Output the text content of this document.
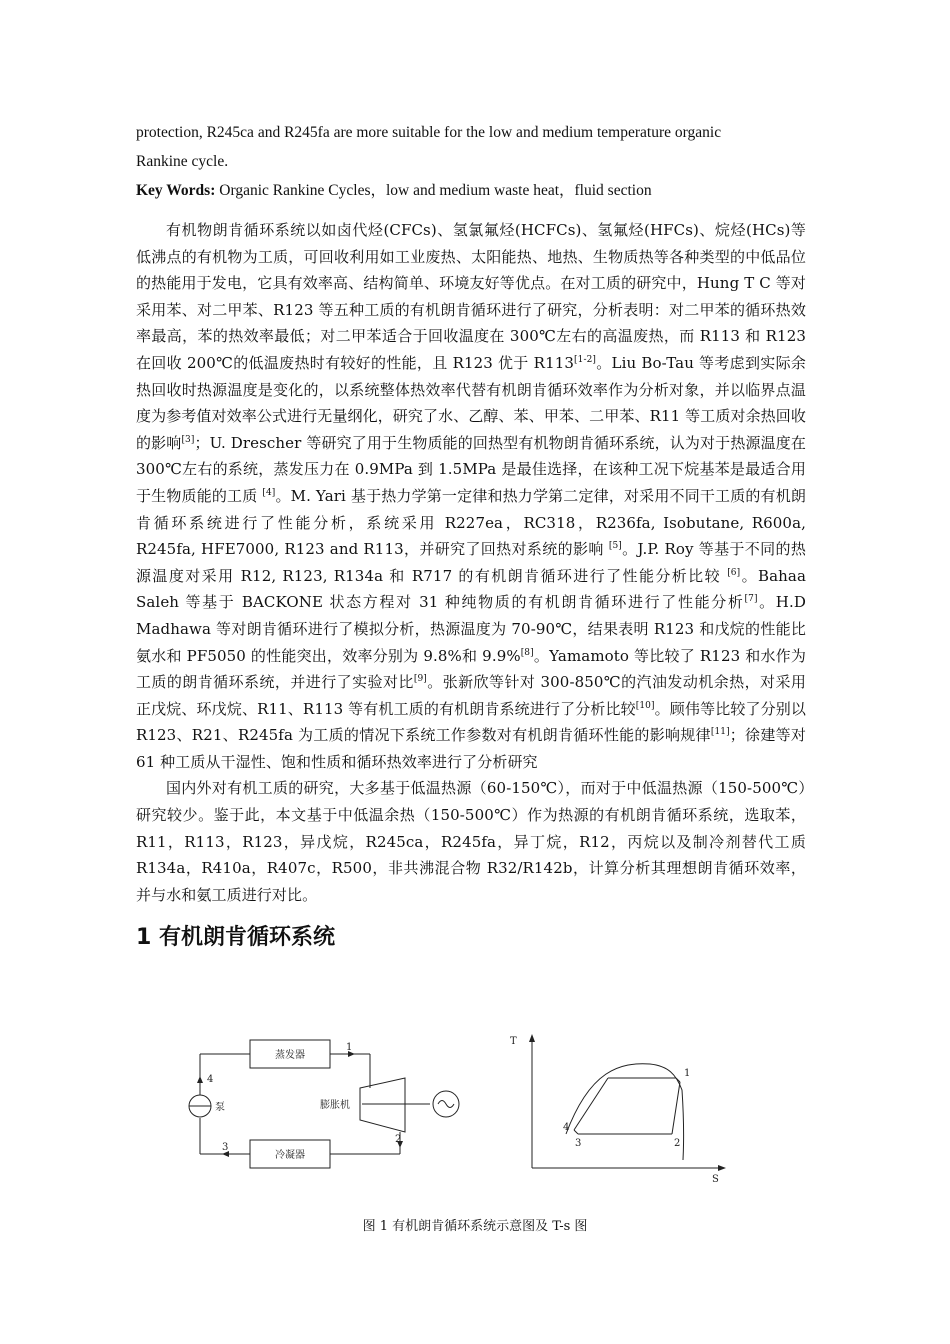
protection, R245ca and R245fa are more suitable for the low and medium temperature organic

Rankine cycle.

Key Words: Organic Rankine Cycles，low and medium waste heat，fluid section

有机物朗肯循环系统以如卤代烃(CFCs)、氢氯氟烃(HCFCs)、氢氟烃(HFCs)、烷烃(HCs)等低沸点的有机物为工质，可回收利用如工业废热、太阳能热、地热、生物质热等各种类型的中低品位的热能用于发电，它具有效率高、结构简单、环境友好等优点。在对工质的研究中，Hung T C 等对采用苯、对二甲苯、R123 等五种工质的有机朗肯循环进行了研究，分析表明：对二甲苯的循环热效率最高，苯的热效率最低；对二甲苯适合于回收温度在 300℃左右的高温废热，而 R113 和 R123 在回收 200℃的低温废热时有较好的性能，且 R123 优于 R113[1-2]。Liu Bo-Tau 等考虑到实际余热回收时热源温度是变化的，以系统整体热效率代替有机朗肯循环效率作为分析对象，并以临界点温度为参考值对效率公式进行无量纲化，研究了水、乙醇、苯、甲苯、二甲苯、R11 等工质对余热回收的影响[3]；U. Drescher 等研究了用于生物质能的回热型有机物朗肯循环系统，认为对于热源温度在 300℃左右的系统，蒸发压力在 0.9MPa 到 1.5MPa 是最佳选择，在该种工况下烷基苯是最适合用于生物质能的工质 [4]。M. Yari 基于热力学第一定律和热力学第二定律，对采用不同干工质的有机朗肯循环系统进行了性能分析，系统采用 R227ea，RC318，R236fa, Isobutane, R600a, R245fa, HFE7000, R123 and R113，并研究了回热对系统的影响 [5]。J.P. Roy 等基于不同的热源温度对采用 R12, R123, R134a 和 R717 的有机朗肯循环进行了性能分析比较 [6]。Bahaa Saleh 等基于 BACKONE 状态方程对 31 种纯物质的有机朗肯循环进行了性能分析[7]。H.D Madhawa 等对朗肯循环进行了模拟分析，热源温度为 70-90℃，结果表明 R123 和戊烷的性能比氨水和 PF5050 的性能突出，效率分别为 9.8%和 9.9%[8]。Yamamoto 等比较了 R123 和水作为工质的朗肯循环系统，并进行了实验对比[9]。张新欣等针对 300-850℃的汽油发动机余热，对采用正戊烷、环戊烷、R11、R113 等有机工质的有机朗肯系统进行了分析比较[10]。顾伟等比较了分别以 R123、R21、R245fa 为工质的情况下系统工作参数对有机朗肯循环性能的影响规律[11]；徐建等对 61 种工质从干湿性、饱和性质和循环热效率进行了分析研究

国内外对有机工质的研究，大多基于低温热源（60-150℃），而对于中低温热源（150-500℃）研究较少。鉴于此，本文基于中低温余热（150-500℃）作为热源的有机朗肯循环系统，选取苯，R11，R113，R123，异戊烷，R245ca，R245fa，异丁烷，R12，丙烷以及制冷剂替代工质 R134a，R410a，R407c，R500，非共沸混合物 R32/R142b，计算分析其理想朗肯循环效率，并与水和氨工质进行对比。

1 有机朗肯循环系统
蒸发器
冷凝器
泵	膨胀机
1
2
3
4
T
S
1
2
3
4
图 1 有机朗肯循环系统示意图及 T-s 图
